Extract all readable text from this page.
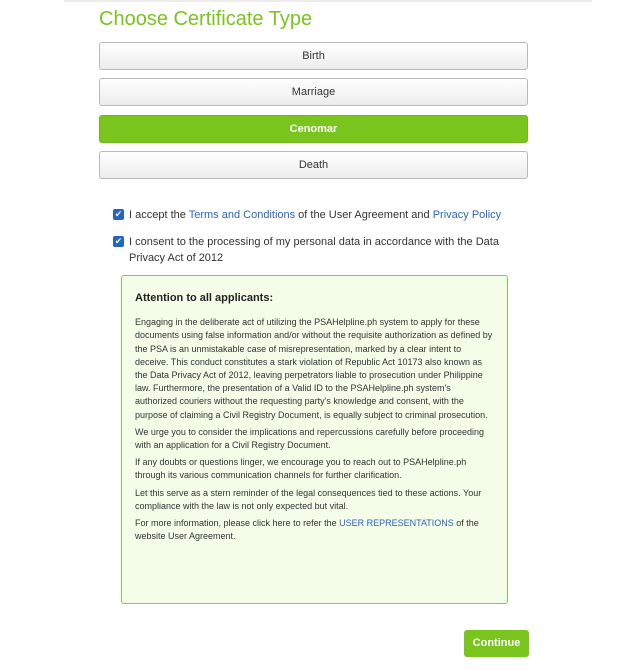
Choose Certificate Type
Birth
Marriage
Cenomar
Death
✔ I accept the Terms and Conditions of the User Agreement and Privacy Policy
✔ I consent to the processing of my personal data in accordance with the Data
Privacy Act of 2012
Attention to all applicants:

Engaging in the deliberate act of utilizing the PSAHelpline.ph system to apply for these documents using false information and/or without the requisite authorization as defined by the PSA is an unmistakable case of misrepresentation, marked by a clear intent to deceive. This conduct constitutes a stark violation of Republic Act 10173 also known as the Data Privacy Act of 2012, leaving perpetrators liable to prosecution under Philippine law. Furthermore, the presentation of a Valid ID to the PSAHelpline.ph system's authorized couriers without the requesting party's knowledge and consent, with the purpose of claiming a Civil Registry Document, is equally subject to criminal prosecution.

We urge you to consider the implications and repercussions carefully before proceeding with an application for a Civil Registry Document.

If any doubts or questions linger, we encourage you to reach out to PSAHelpline.ph through its various communication channels for further clarification.

Let this serve as a stern reminder of the legal consequences tied to these actions. Your compliance with the law is not only expected but vital.

For more information, please click here to refer the USER REPRESENTATIONS of the website User Agreement.

Continue
